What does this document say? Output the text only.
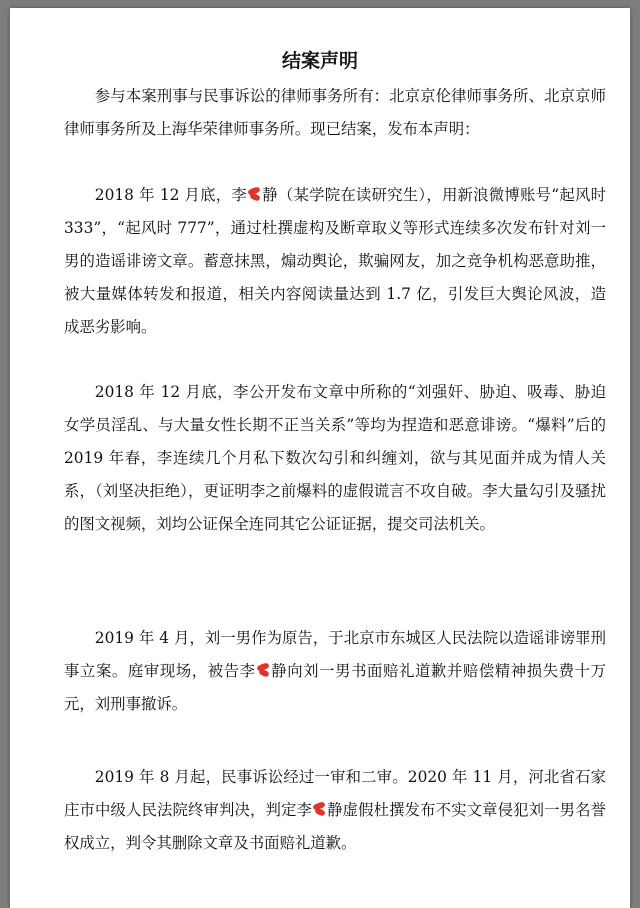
结案声明

参与本案刑事与民事诉讼的律师事务所有：北京京伦律师事务所、北京京师律师事务所及上海华荣律师事务所。现已结案，发布本声明：

2018 年 12 月底，李 静（某学院在读研究生），用新浪微博账号“起风时 333”，“起风时 777”，通过杜撰虚构及断章取义等形式连续多次发布针对刘一男的造谣诽谤文章。蓄意抹黑，煽动舆论，欺骗网友，加之竞争机构恶意助推，被大量媒体转发和报道，相关内容阅读量达到 1.7 亿，引发巨大舆论风波，造成恶劣影响。

2018 年 12 月底，李公开发布文章中所称的“刘强奸、胁迫、吸毒、胁迫女学员淫乱、与大量女性长期不正当关系”等均为捏造和恶意诽谤。“爆料”后的 2019 年春，李连续几个月私下数次勾引和纠缠刘，欲与其见面并成为情人关系，（刘坚决拒绝），更证明李之前爆料的虚假谎言不攻自破。李大量勾引及骚扰的图文视频，刘均公证保全连同其它公证证据，提交司法机关。

2019 年 4 月，刘一男作为原告，于北京市东城区人民法院以造谣诽谤罪刑事立案。庭审现场，被告李 静向刘一男书面赔礼道歉并赔偿精神损失费十万元，刘刑事撤诉。

2019 年 8 月起，民事诉讼经过一审和二审。2020 年 11 月，河北省石家庄市中级人民法院终审判决，判定李 静虚假杜撰发布不实文章侵犯刘一男名誉权成立，判令其删除文章及书面赔礼道歉。
